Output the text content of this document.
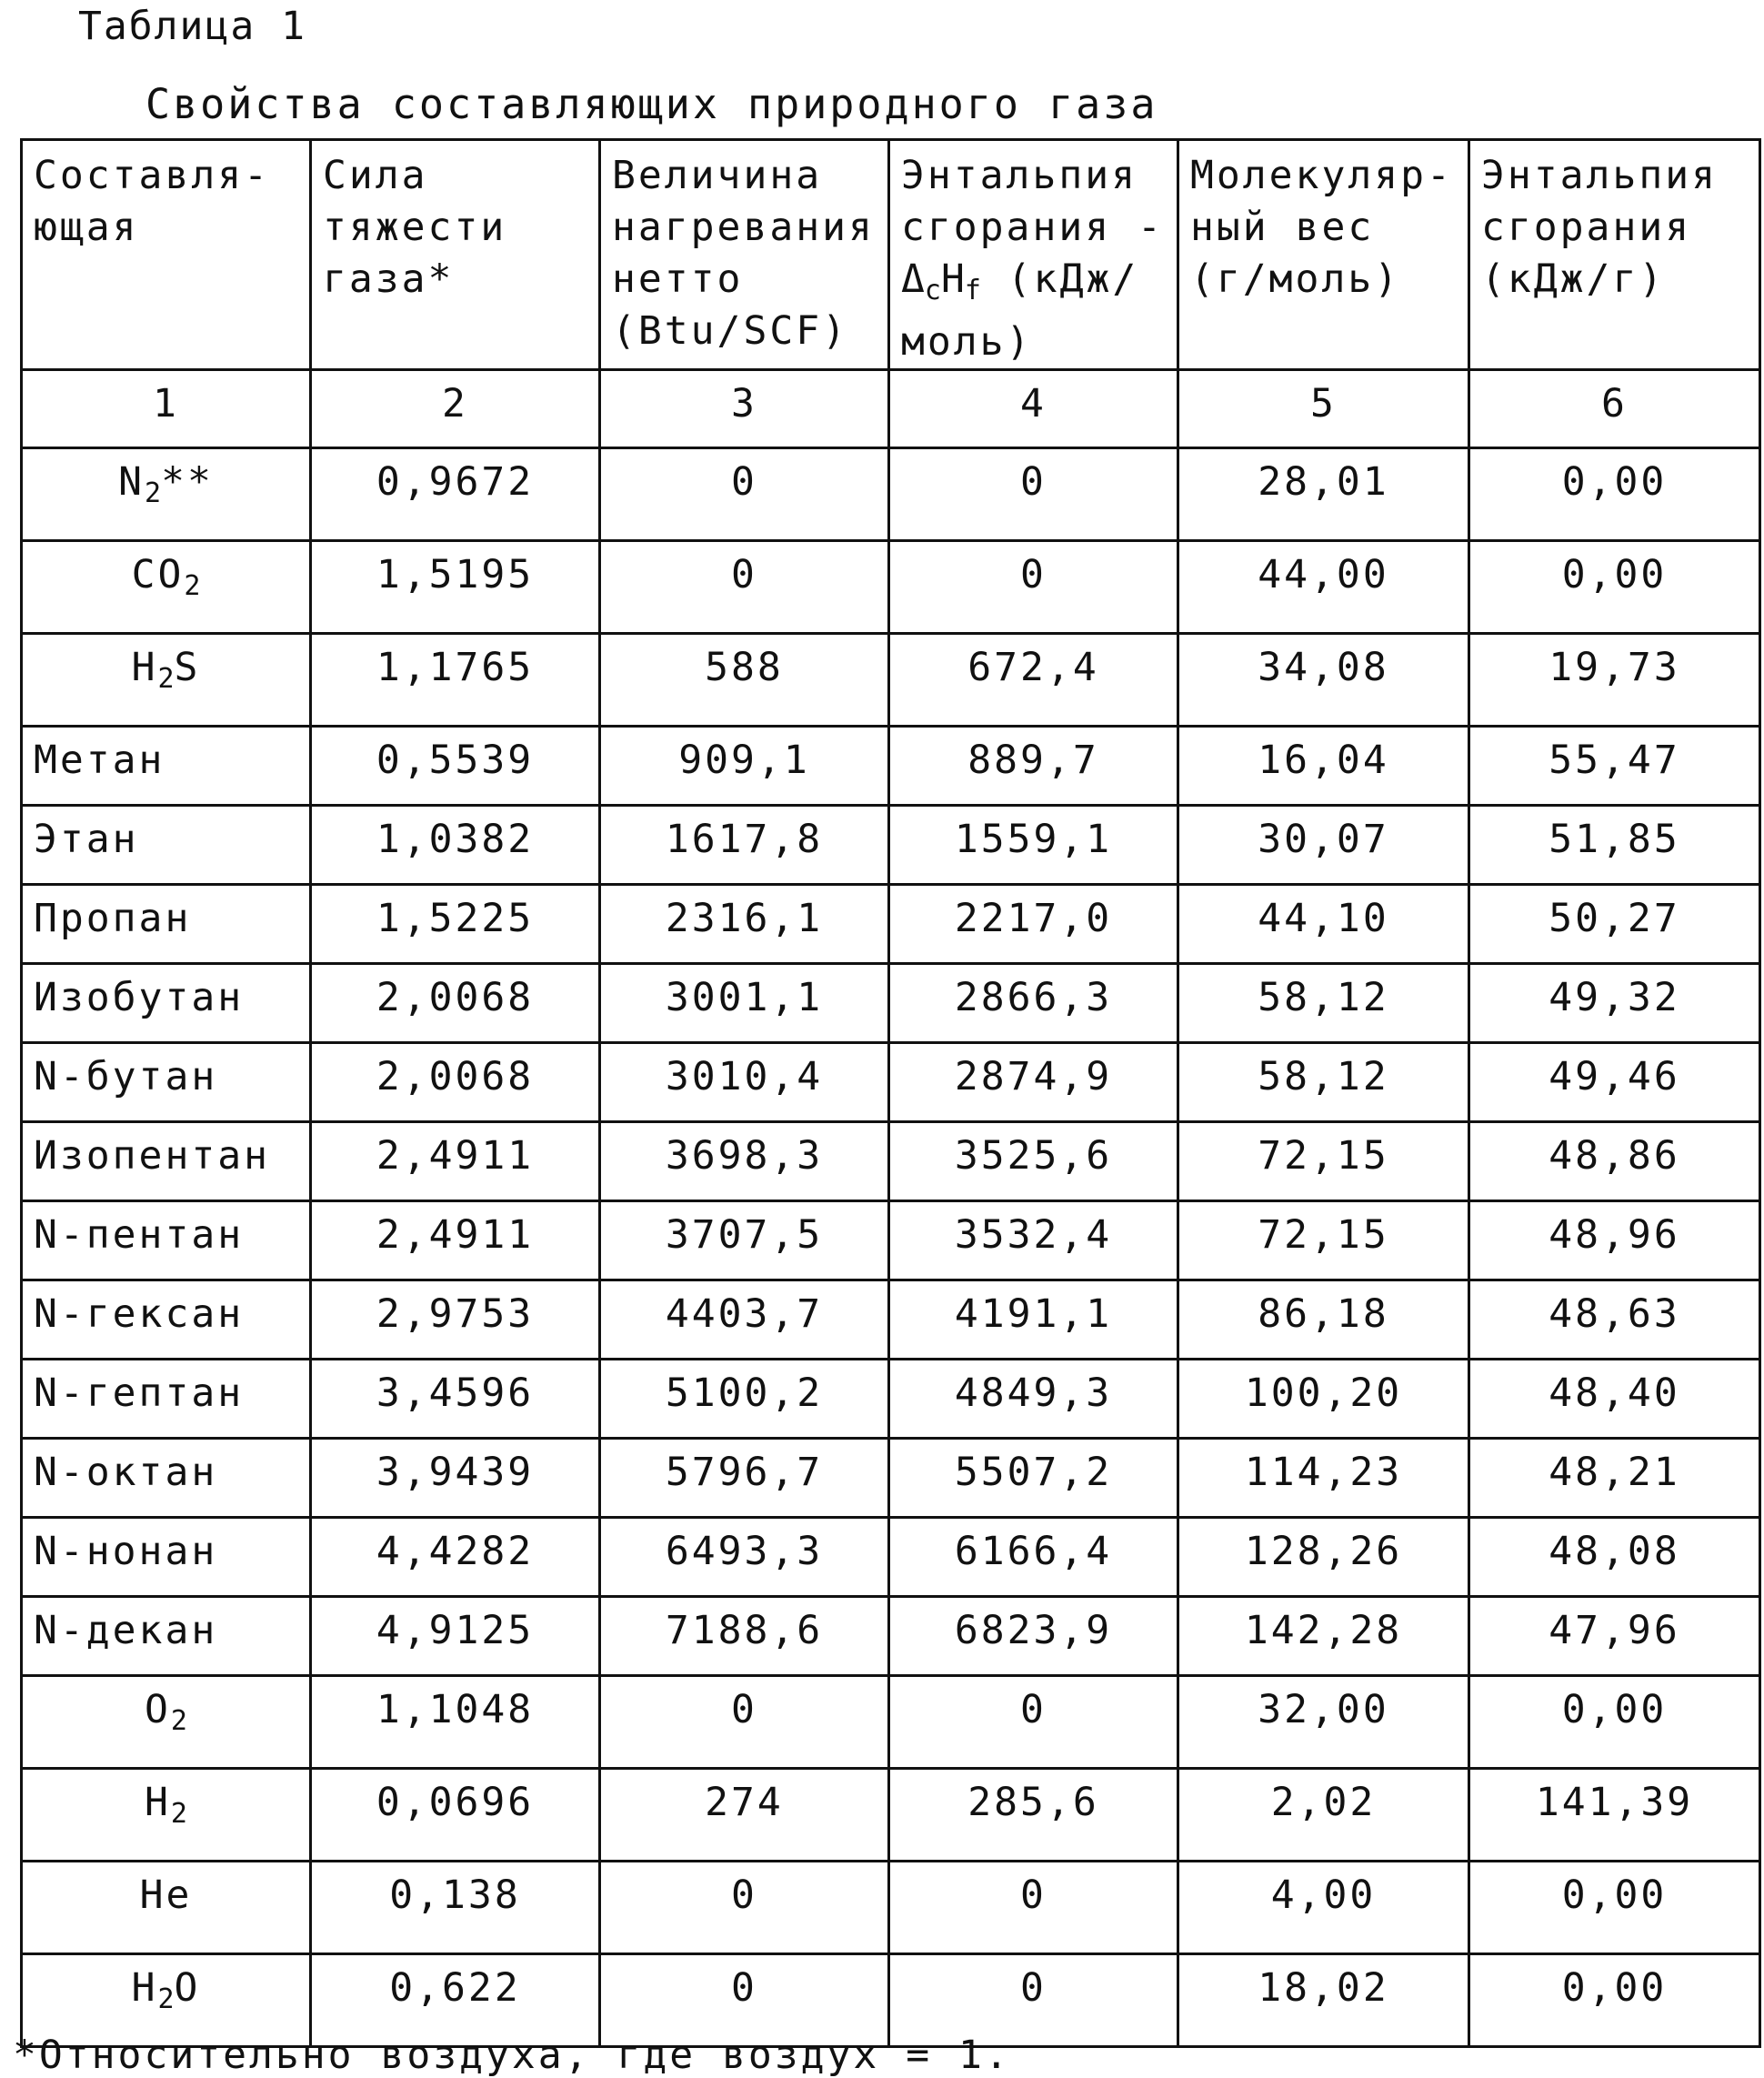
Таблица 1
Свойства составляющих природного газа
Составля- ющая	Сила тяжести газа*	Величина нагревания нетто (Btu/SCF)	Энтальпия сгорания - $\Delta_cH_f$ (кДж/моль)	Молекуляр- ный вес (г/моль)	Энтальпия сгорания (кДж/г)
1	2	3	4	5	6
$N_2**$	0,9672	0	0	28,01	0,00
$CO_2$	1,5195	0	0	44,00	0,00
$H_2S$	1,1765	588	672,4	34,08	19,73
Метан	0,5539	909,1	889,7	16,04	55,47
Этан	1,0382	1617,8	1559,1	30,07	51,85
Пропан	1,5225	2316,1	2217,0	44,10	50,27
Изобутан	2,0068	3001,1	2866,3	58,12	49,32
N-бутан	2,0068	3010,4	2874,9	58,12	49,46
Изопентан	2,4911	3698,3	3525,6	72,15	48,86
N-пентан	2,4911	3707,5	3532,4	72,15	48,96
N-гексан	2,9753	4403,7	4191,1	86,18	48,63
N-гептан	3,4596	5100,2	4849,3	100,20	48,40
N-октан	3,9439	5796,7	5507,2	114,23	48,21
N-нонан	4,4282	6493,3	6166,4	128,26	48,08
N-декан	4,9125	7188,6	6823,9	142,28	47,96
$O_2$	1,1048	0	0	32,00	0,00
$H_2$	0,0696	274	285,6	2,02	141,39
He	0,138	0	0	4,00	0,00
$H_2O$	0,622	0	0	18,02	0,00
*Относительно воздуха, где воздух = 1.
